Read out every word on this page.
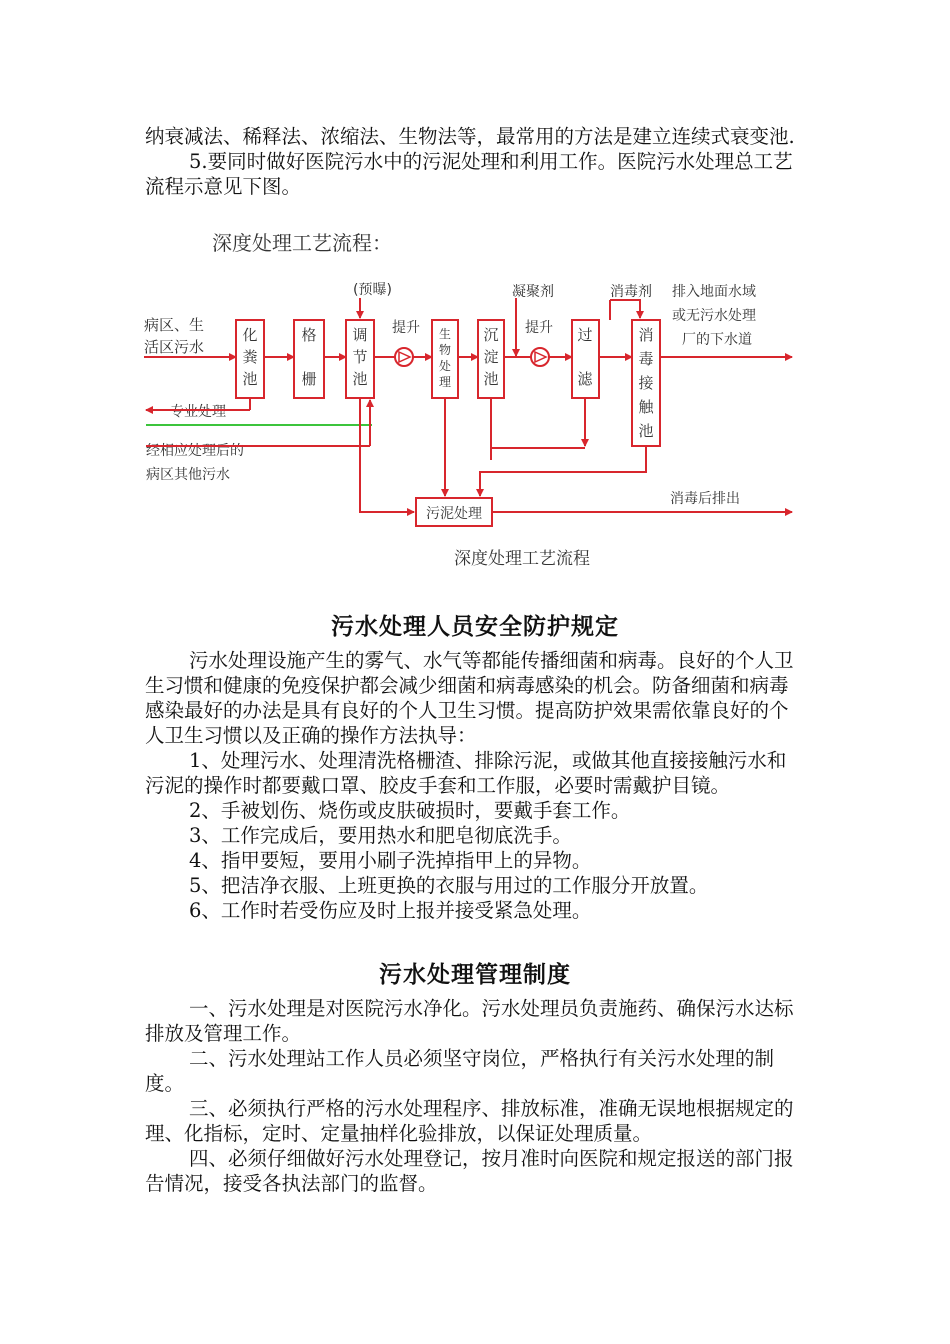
纳衰减法、稀释法、浓缩法、生物法等，最常用的方法是建立连续式衰变池.

5.要同时做好医院污水中的污泥处理和利用工作。医院污水处理总工艺流程示意见下图。

深度处理工艺流程：
病区、生
活区污水
专业处理
经相应处理后的
病区其他污水
化粪池
格栅
调节池
生物处理
沉淀池
过滤
消毒接触池
污泥处理
(预曝)
提升	提升
凝聚剂	消毒剂 排入地面水域
或无污水处理
厂的下水道
消毒后排出
深度处理工艺流程
污水处理人员安全防护规定

污水处理设施产生的雾气、水气等都能传播细菌和病毒。良好的个人卫生习惯和健康的免疫保护都会减少细菌和病毒感染的机会。防备细菌和病毒感染最好的办法是具有良好的个人卫生习惯。提高防护效果需依靠良好的个人卫生习惯以及正确的操作方法执导：

1、处理污水、处理清洗格栅渣、排除污泥，或做其他直接接触污水和污泥的操作时都要戴口罩、胶皮手套和工作服，必要时需戴护目镜。

2、手被划伤、烧伤或皮肤破损时，要戴手套工作。

3、工作完成后，要用热水和肥皂彻底洗手。

4、指甲要短，要用小刷子洗掉指甲上的异物。

5、把洁净衣服、上班更换的衣服与用过的工作服分开放置。

6、工作时若受伤应及时上报并接受紧急处理。

污水处理管理制度

一、污水处理是对医院污水净化。污水处理员负责施药、确保污水达标排放及管理工作。

二、污水处理站工作人员必须坚守岗位，严格执行有关污水处理的制度。

三、必须执行严格的污水处理程序、排放标准，准确无误地根据规定的理、化指标，定时、定量抽样化验排放，以保证处理质量。

四、必须仔细做好污水处理登记，按月准时向医院和规定报送的部门报告情况，接受各执法部门的监督。
